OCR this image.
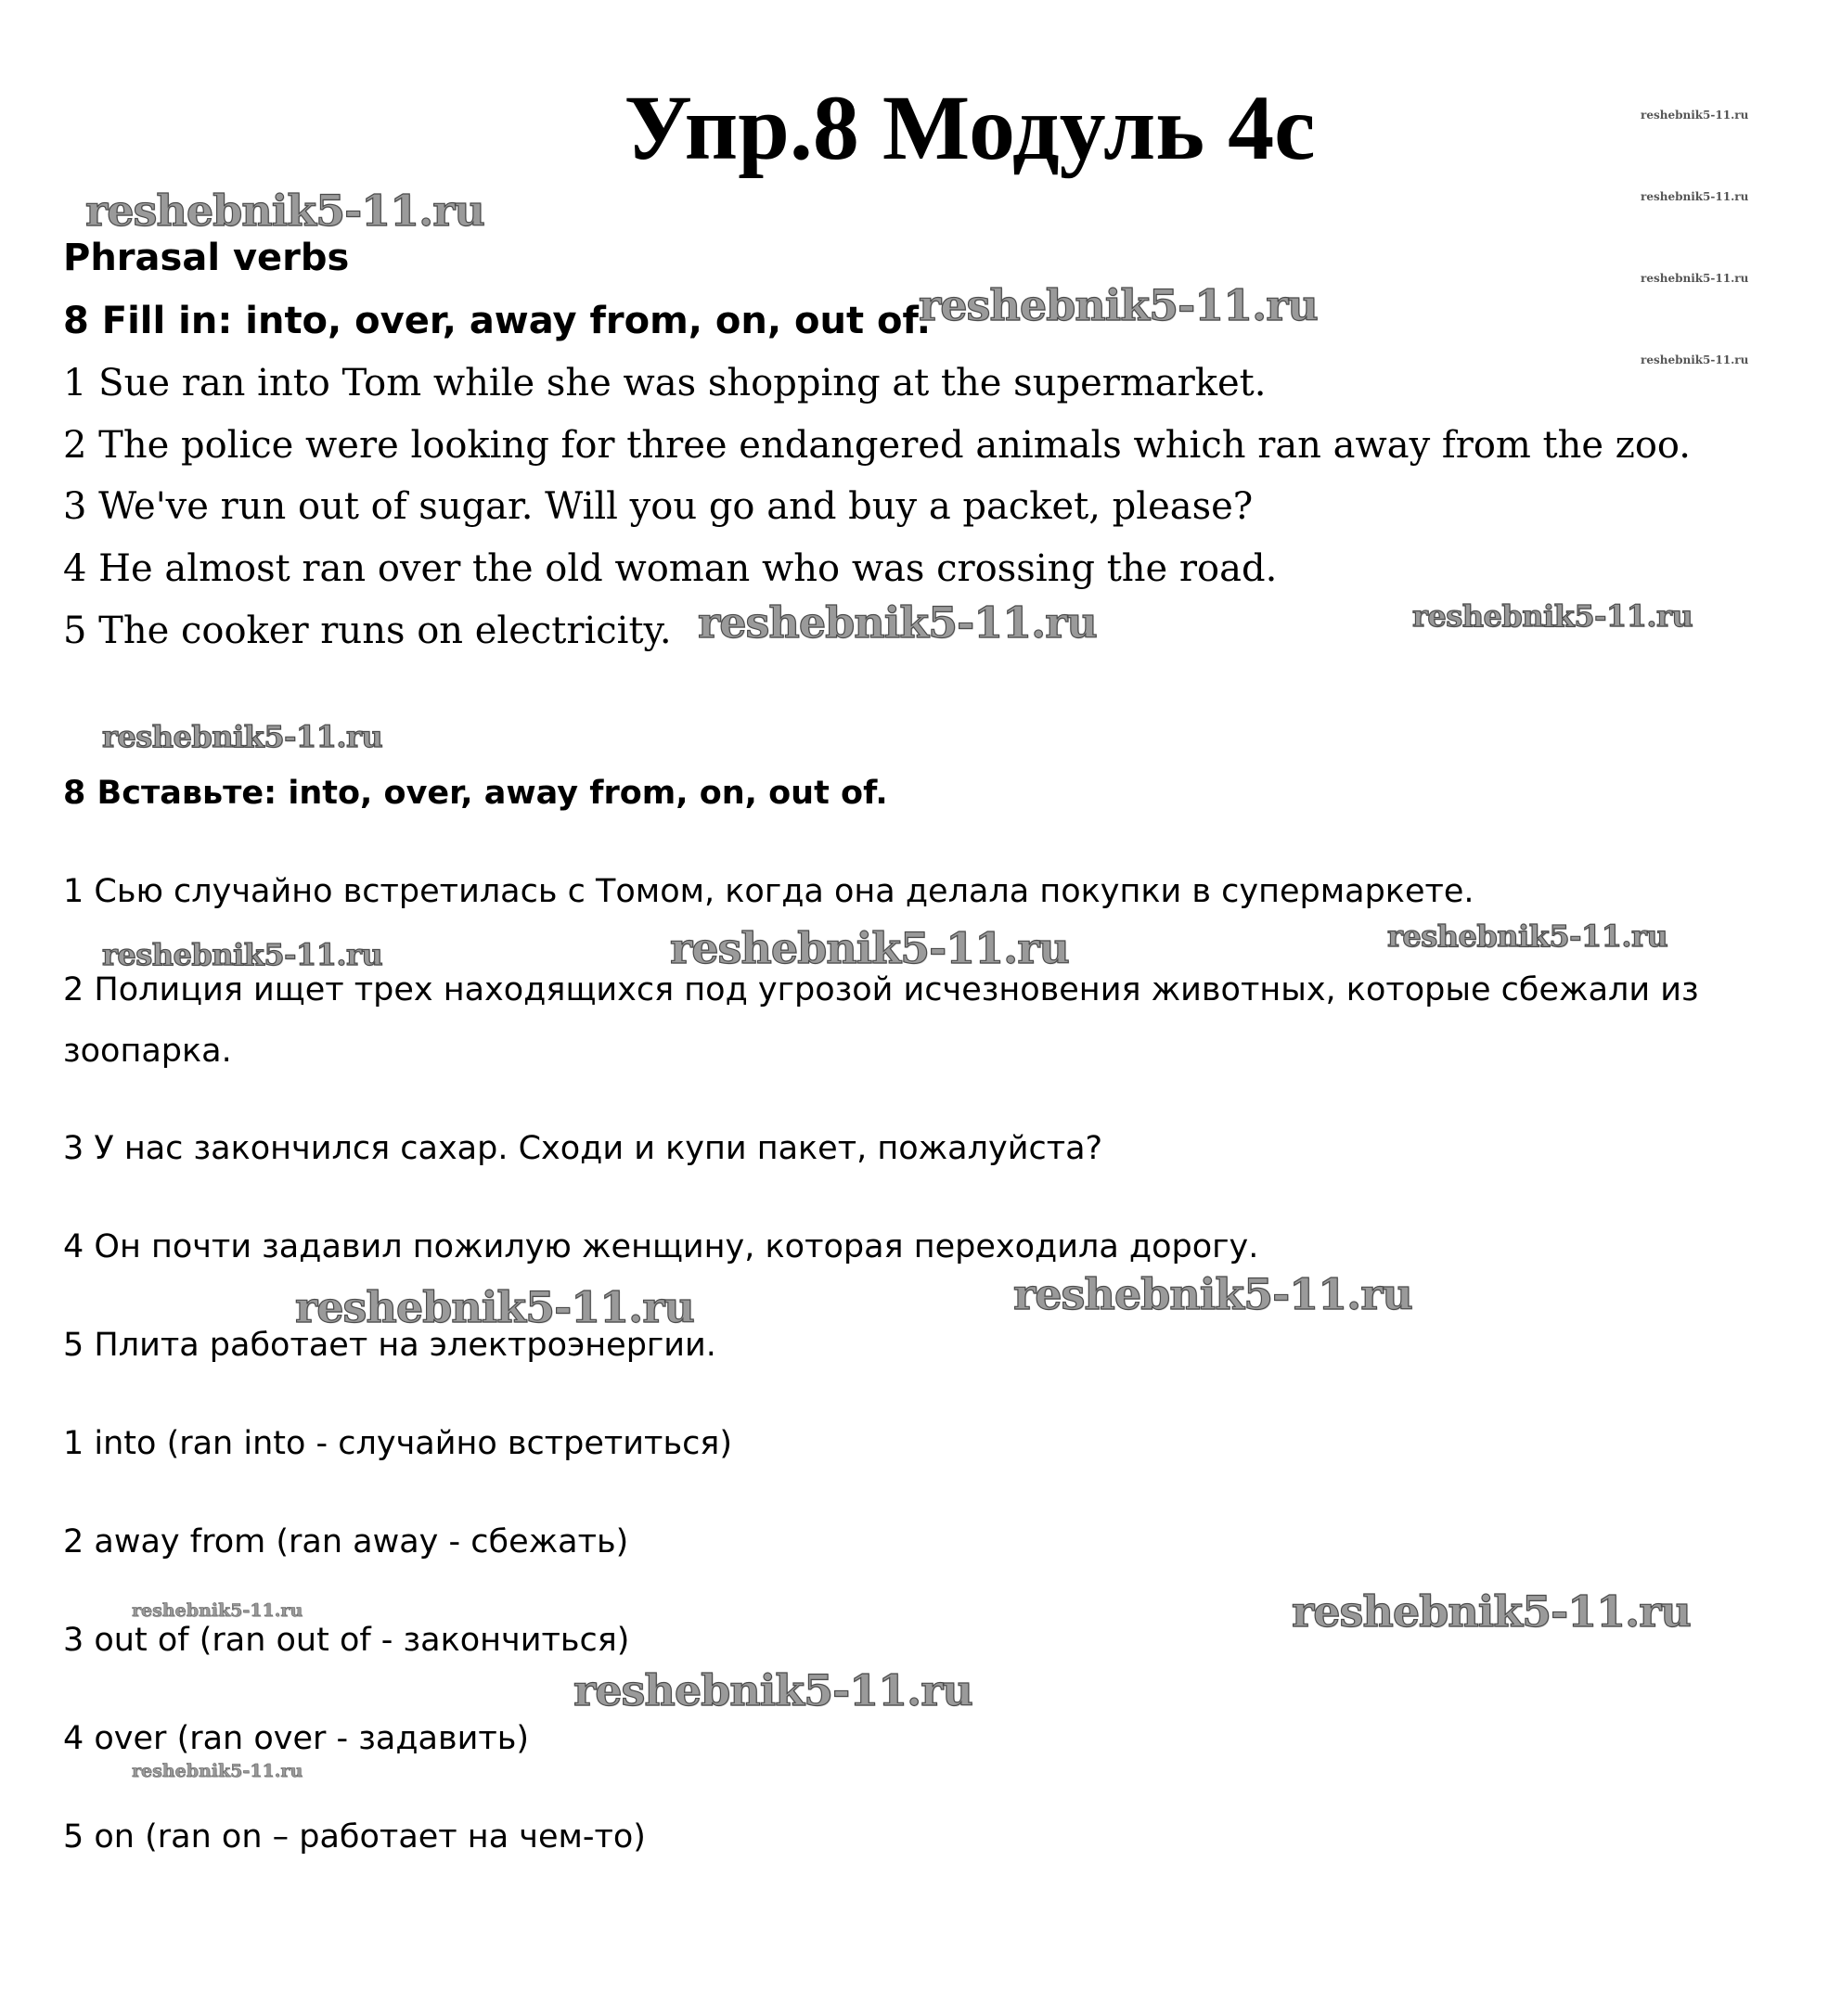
Упр.8 Модуль 4с
Phrasal verbs
8 Fill in: into, over, away from, on, out of.
1 Sue ran into Tom while she was shopping at the supermarket.
2 The police were looking for three endangered animals which ran away from the zoo.
3 We've run out of sugar. Will you go and buy a packet, please?
4 He almost ran over the old woman who was crossing the road.
5 The cooker runs on electricity.
8 Вставьте: into, over, away from, on, out of.
1 Сью случайно встретилась с Томом, когда она делала покупки в супермаркете.
2 Полиция ищет трех находящихся под угрозой исчезновения животных, которые сбежали из
зоопарка.
3 У нас закончился сахар. Сходи и купи пакет, пожалуйста?
4 Он почти задавил пожилую женщину, которая переходила дорогу.
5 Плита работает на электроэнергии.
1 into (ran into - случайно встретиться)
2 away from (ran away - сбежать)
3 out of (ran out of - закончиться)
4 over (ran over - задавить)
5 on (ran on – работает на чем-то)
reshebnik5-11.ru
reshebnik5-11.ru
reshebnik5-11.ru	reshebnik5-11.ru
reshebnik5-11.ru
reshebnik5-11.ru	reshebnik5-11.ru	reshebnik5-11.ru
reshebnik5-11.ru	reshebnik5-11.ru
reshebnik5-11.ru
reshebnik5-11.ru
reshebnik5-11.ru
reshebnik5-11.ru
reshebnik5-11.ru
reshebnik5-11.ru
reshebnik5-11.ru
reshebnik5-11.ru
